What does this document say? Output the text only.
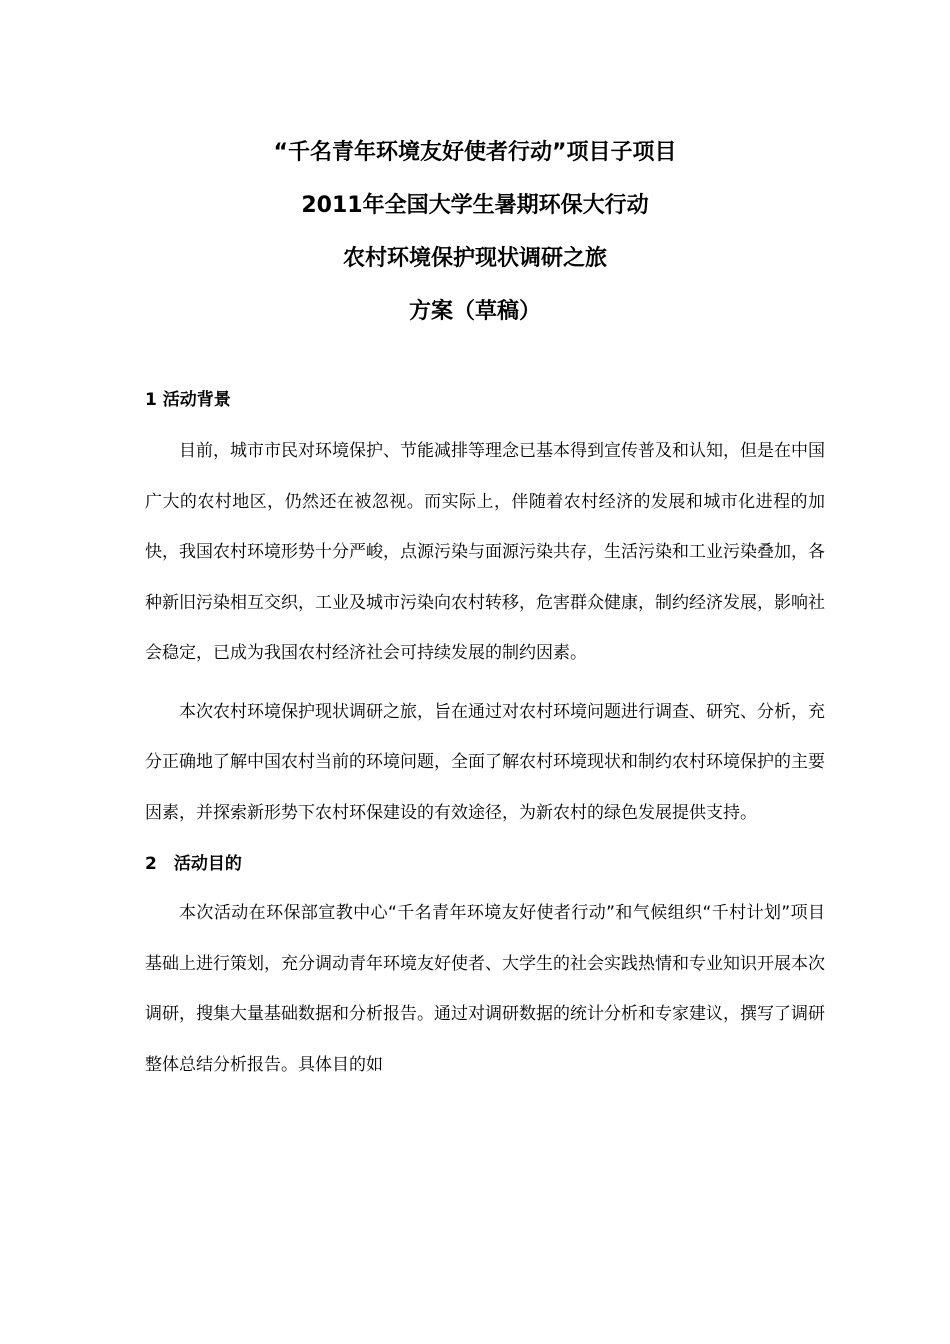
“千名青年环境友好使者行动”项目子项目

2011年全国大学生暑期环保大行动

农村环境保护现状调研之旅

方案（草稿）

1 活动背景

目前，城市市民对环境保护、节能减排等理念已基本得到宣传普及和认知，但是在中国广大的农村地区，仍然还在被忽视。而实际上，伴随着农村经济的发展和城市化进程的加快，我国农村环境形势十分严峻，点源污染与面源污染共存，生活污染和工业污染叠加，各种新旧污染相互交织，工业及城市污染向农村转移，危害群众健康，制约经济发展，影响社会稳定，已成为我国农村经济社会可持续发展的制约因素。

本次农村环境保护现状调研之旅，旨在通过对农村环境问题进行调查、研究、分析，充分正确地了解中国农村当前的环境问题，全面了解农村环境现状和制约农村环境保护的主要因素，并探索新形势下农村环保建设的有效途径，为新农村的绿色发展提供支持。

2　活动目的

本次活动在环保部宣教中心“千名青年环境友好使者行动”和气候组织“千村计划”项目基础上进行策划，充分调动青年环境友好使者、大学生的社会实践热情和专业知识开展本次调研，搜集大量基础数据和分析报告。通过对调研数据的统计分析和专家建议，撰写了调研整体总结分析报告。具体目的如
